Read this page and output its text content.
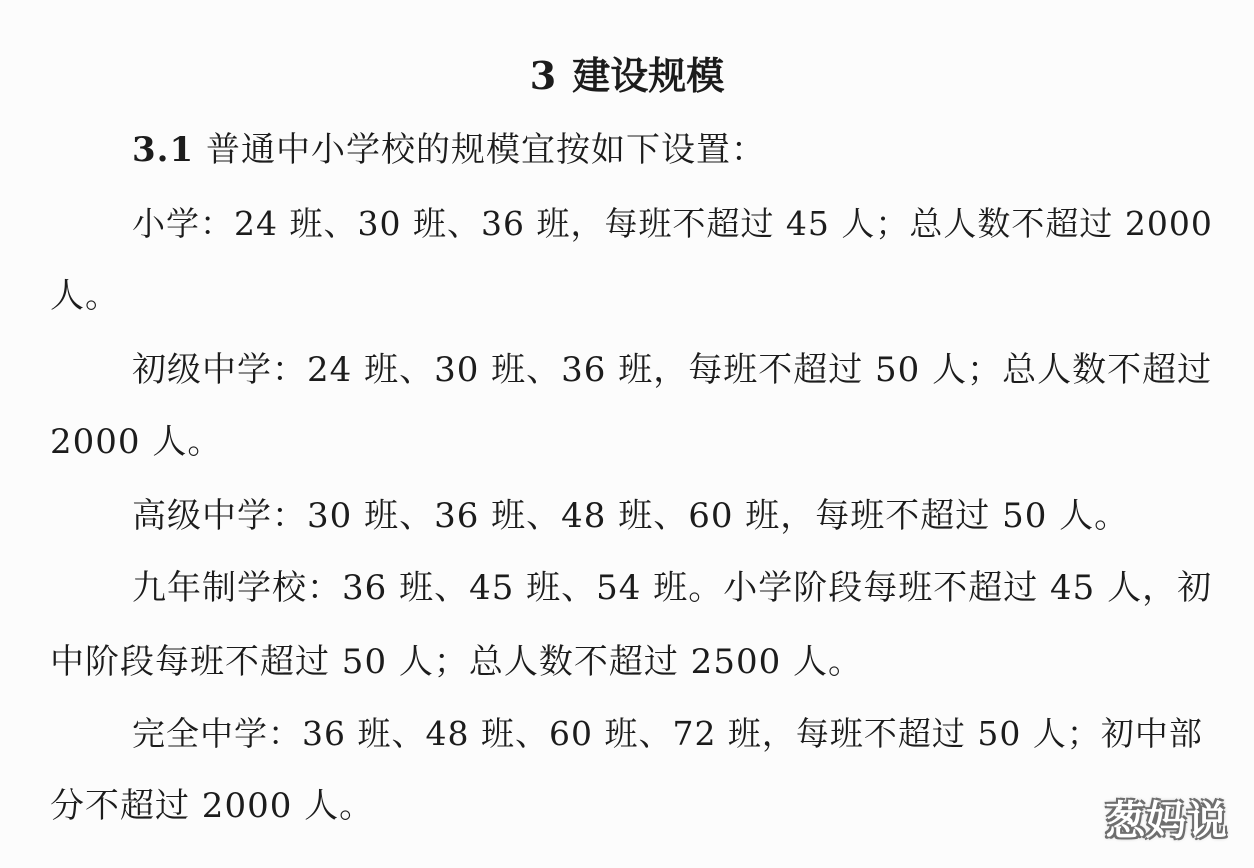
3 建设规模
3.1 普通中小学校的规模宜按如下设置：
小学：24 班、30 班、36 班，每班不超过 45 人；总人数不超过 2000
人。
初级中学：24 班、30 班、36 班，每班不超过 50 人；总人数不超过
2000 人。
高级中学：30 班、36 班、48 班、60 班，每班不超过 50 人。
九年制学校：36 班、45 班、54 班。小学阶段每班不超过 45 人，初
中阶段每班不超过 50 人；总人数不超过 2500 人。
完全中学：36 班、48 班、60 班、72 班，每班不超过 50 人；初中部
分不超过 2000 人。	葱妈说
